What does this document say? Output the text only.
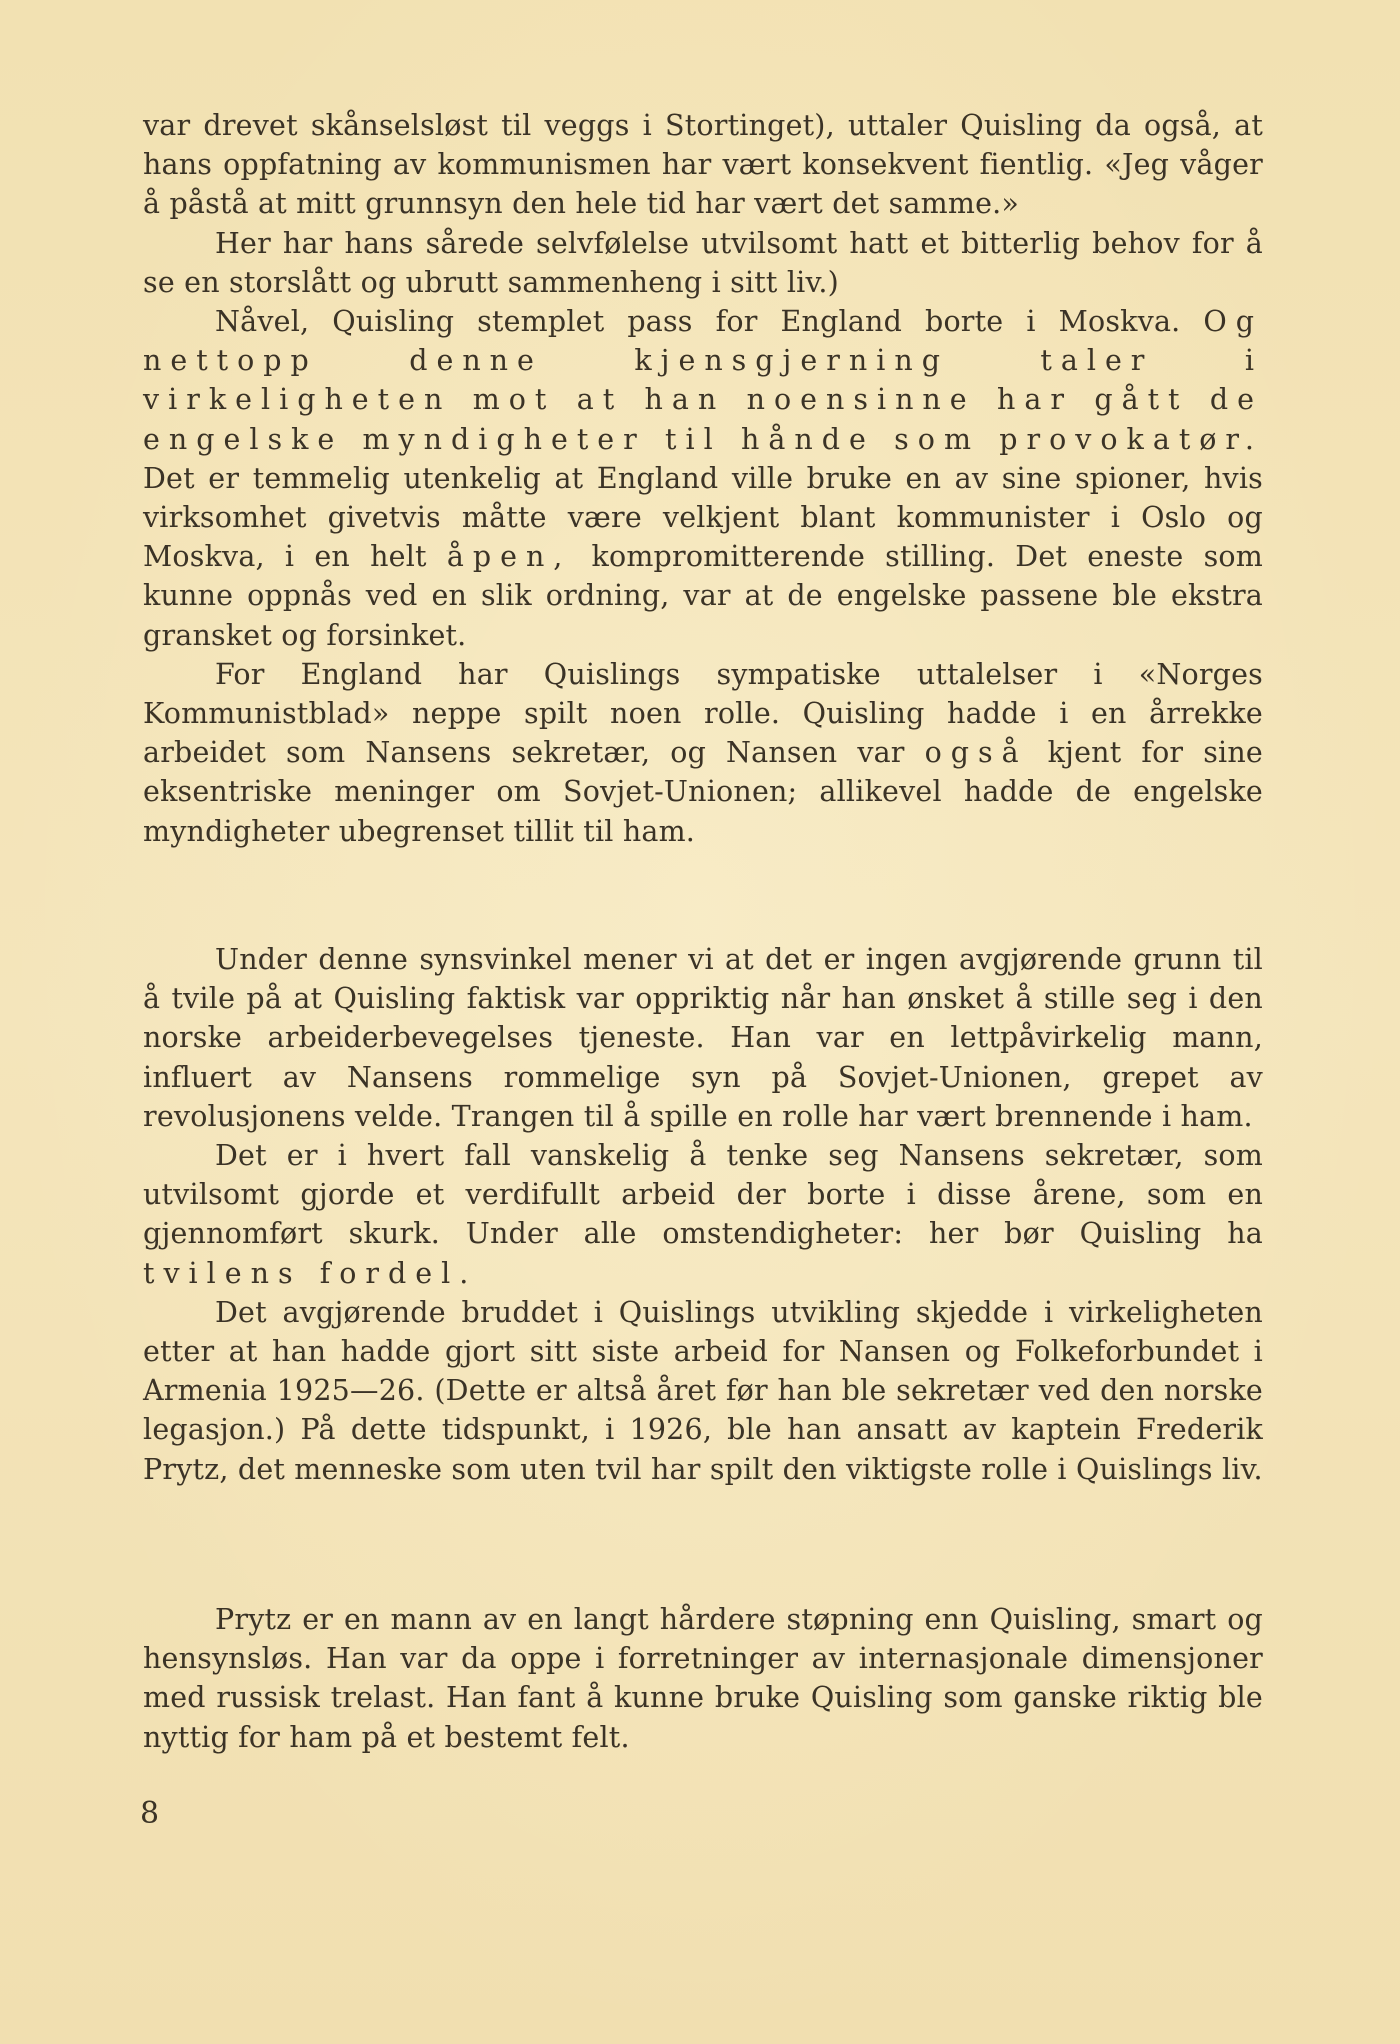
var drevet skånselsløst til veggs i Stortinget), uttaler Quisling da også, at hans oppfatning av kommunismen har vært konsekvent fientlig. «Jeg våger å påstå at mitt grunnsyn den hele tid har vært det samme.»

Her har hans sårede selvfølelse utvilsomt hatt et bitterlig behov for å se en storslått og ubrutt sammenheng i sitt liv.)

Nåvel, Quisling stemplet pass for England borte i Moskva. Og nettopp denne kjensgjerning taler i virkeligheten mot at han noensinne har gått de engelske myndigheter til hånde som provokatør. Det er temmelig utenkelig at England ville bruke en av sine spioner, hvis virksomhet givetvis måtte være velkjent blant kommunister i Oslo og Moskva, i en helt åpen, kompromitterende stilling. Det eneste som kunne oppnås ved en slik ordning, var at de engelske passene ble ekstra gransket og forsinket.

For England har Quislings sympatiske uttalelser i «Norges Kommunistblad» neppe spilt noen rolle. Quisling hadde i en årrekke arbeidet som Nansens sekretær, og Nansen var også kjent for sine eksentriske meninger om Sovjet-Unionen; allikevel hadde de engelske myndigheter ubegrenset tillit til ham.

Under denne synsvinkel mener vi at det er ingen avgjørende grunn til å tvile på at Quisling faktisk var oppriktig når han ønsket å stille seg i den norske arbeiderbevegelses tjeneste. Han var en lettpåvirkelig mann, influert av Nansens rommelige syn på Sovjet-Unionen, grepet av revolusjonens velde. Trangen til å spille en rolle har vært brennende i ham.

Det er i hvert fall vanskelig å tenke seg Nansens sekretær, som utvilsomt gjorde et verdifullt arbeid der borte i disse årene, som en gjennomført skurk. Under alle omstendigheter: her bør Quisling ha tvilens fordel.

Det avgjørende bruddet i Quislings utvikling skjedde i virkeligheten etter at han hadde gjort sitt siste arbeid for Nansen og Folkeforbundet i Armenia 1925—26. (Dette er altså året før han ble sekretær ved den norske legasjon.) På dette tidspunkt, i 1926, ble han ansatt av kaptein Frederik Prytz, det menneske som uten tvil har spilt den viktigste rolle i Quislings liv.

Prytz er en mann av en langt hårdere støpning enn Quisling, smart og hensynsløs. Han var da oppe i forretninger av internasjonale dimensjoner med russisk trelast. Han fant å kunne bruke Quisling som ganske riktig ble nyttig for ham på et bestemt felt.

8
